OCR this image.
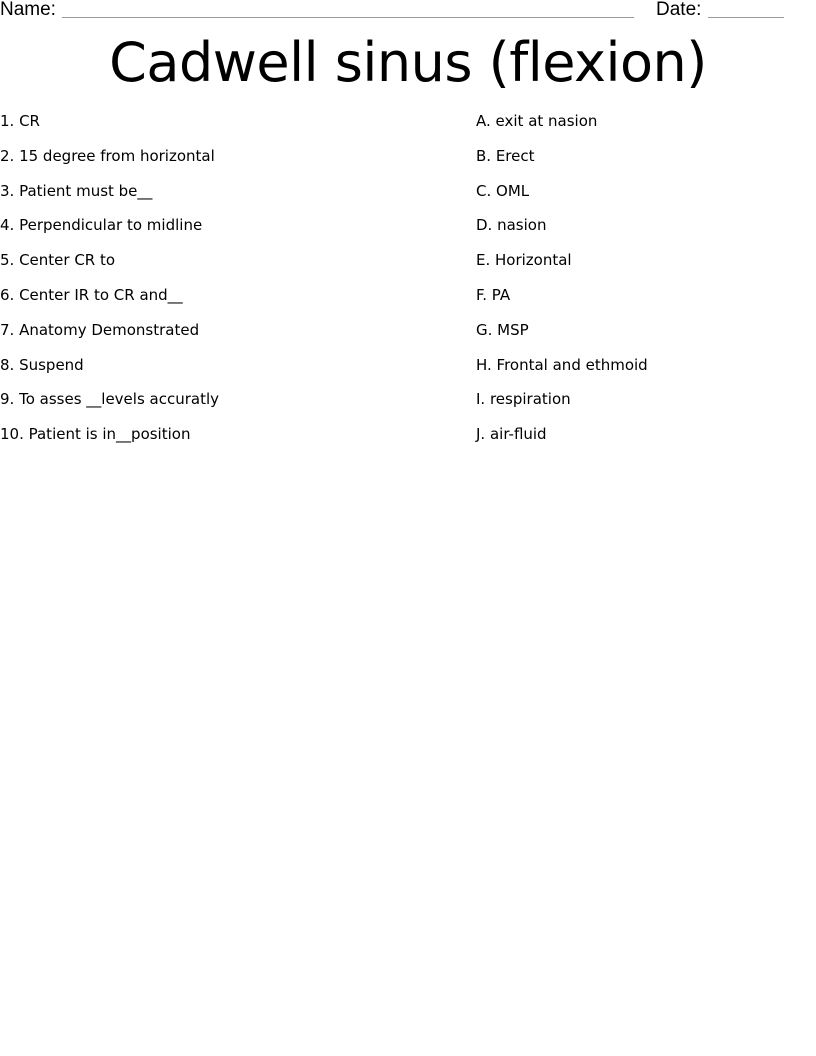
Name:	Date:
Cadwell sinus (flexion)
1. CR
2. 15 degree from horizontal
3. Patient must be__
4. Perpendicular to midline
5. Center CR to
6. Center IR to CR and__
7. Anatomy Demonstrated
8. Suspend
9. To asses __levels accuratly
10. Patient is in__position
A. exit at nasion
B. Erect
C. OML
D. nasion
E. Horizontal
F. PA
G. MSP
H. Frontal and ethmoid
I. respiration
J. air-fluid
